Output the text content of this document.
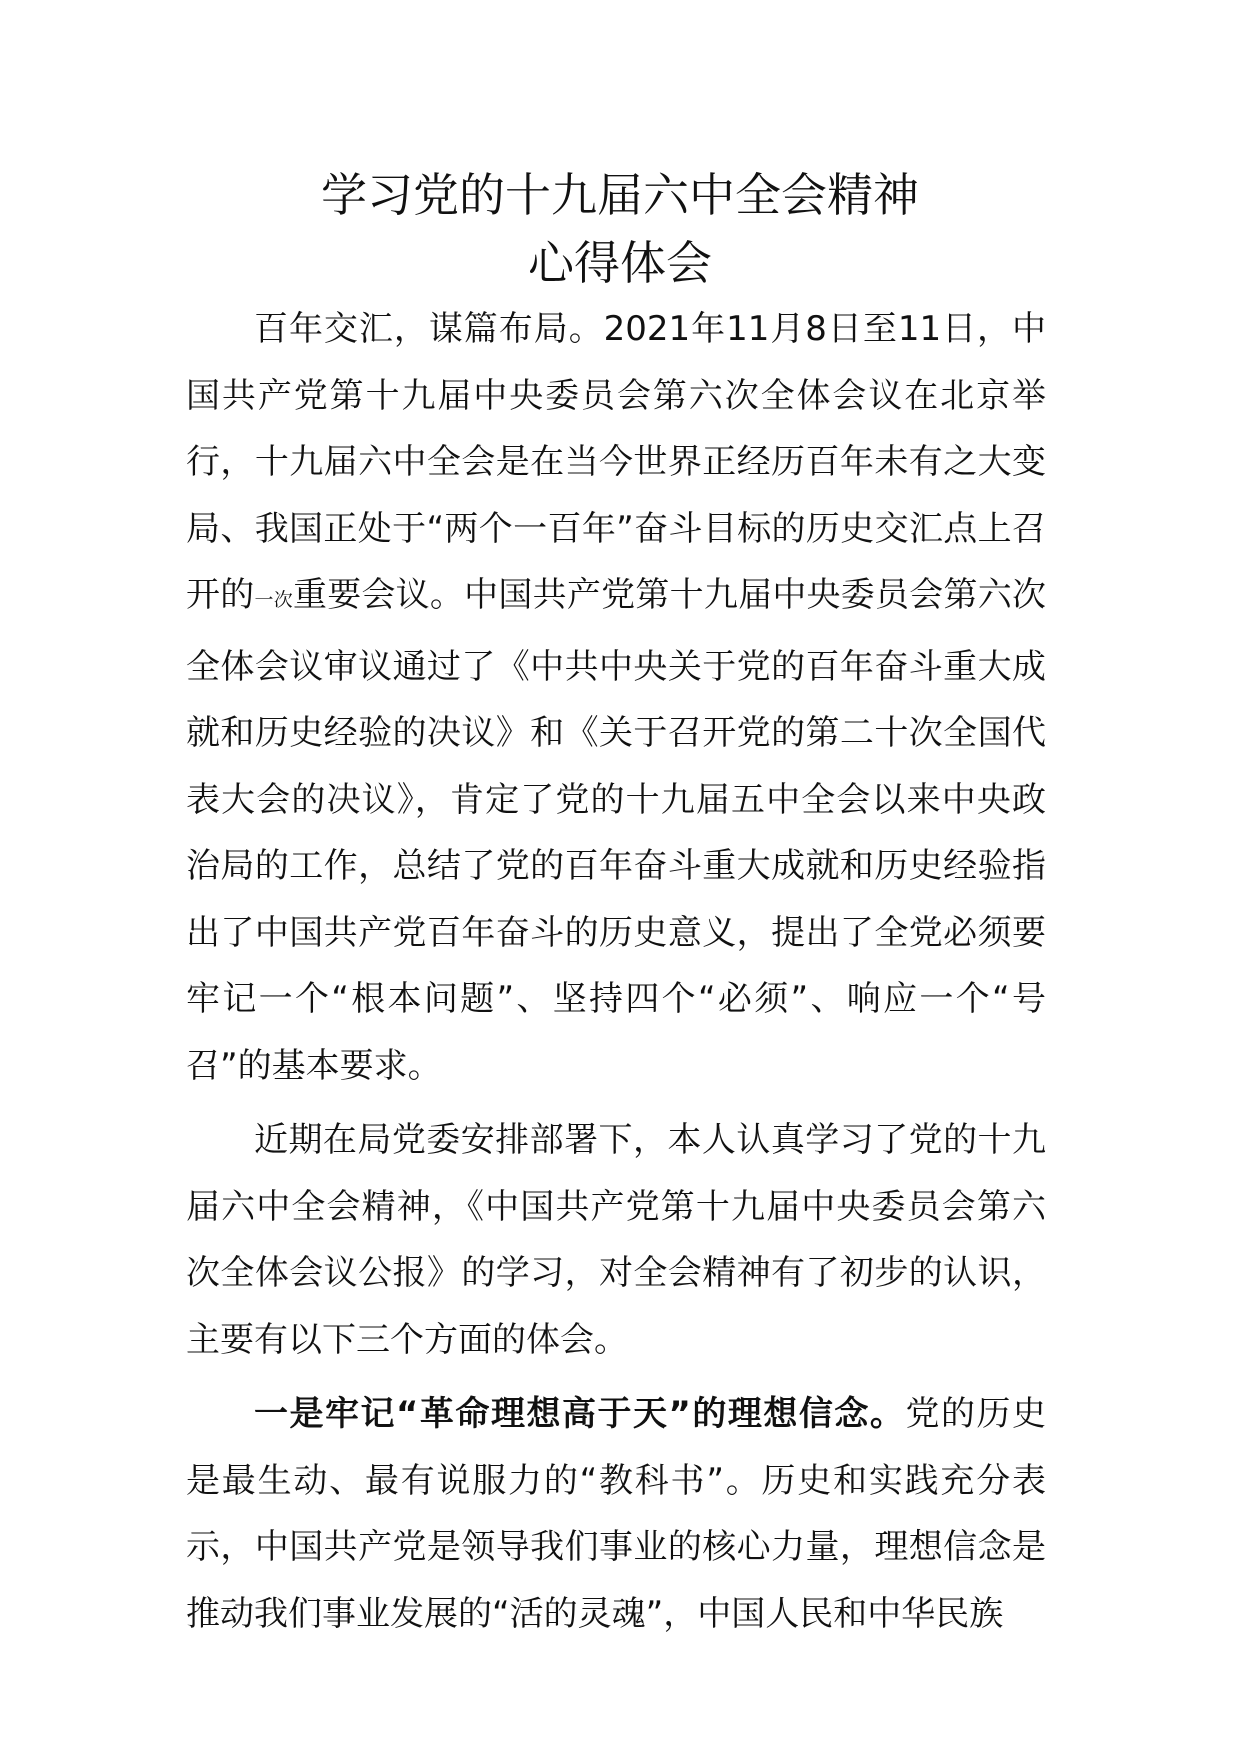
学习党的十九届六中全会精神
心得体会

百年交汇，谋篇布局。2021年11月8日至11日，中国共产党第十九届中央委员会第六次全体会议在北京举行，十九届六中全会是在当今世界正经历百年未有之大变局、我国正处于“两个一百年”奋斗目标的历史交汇点上召开的一次重要会议。中国共产党第十九届中央委员会第六次全体会议审议通过了《中共中央关于党的百年奋斗重大成就和历史经验的决议》和《关于召开党的第二十次全国代表大会的决议》，肯定了党的十九届五中全会以来中央政治局的工作，总结了党的百年奋斗重大成就和历史经验指出了中国共产党百年奋斗的历史意义，提出了全党必须要牢记一个“根本问题”、坚持四个“必须”、响应一个“号召”的基本要求。

近期在局党委安排部署下，本人认真学习了党的十九届六中全会精神，《中国共产党第十九届中央委员会第六次全体会议公报》的学习，对全会精神有了初步的认识，主要有以下三个方面的体会。

一是牢记“革命理想高于天”的理想信念。党的历史是最生动、最有说服力的“教科书”。历史和实践充分表示，中国共产党是领导我们事业的核心力量，理想信念是推动我们事业发展的“活的灵魂”，中国人民和中华民族
